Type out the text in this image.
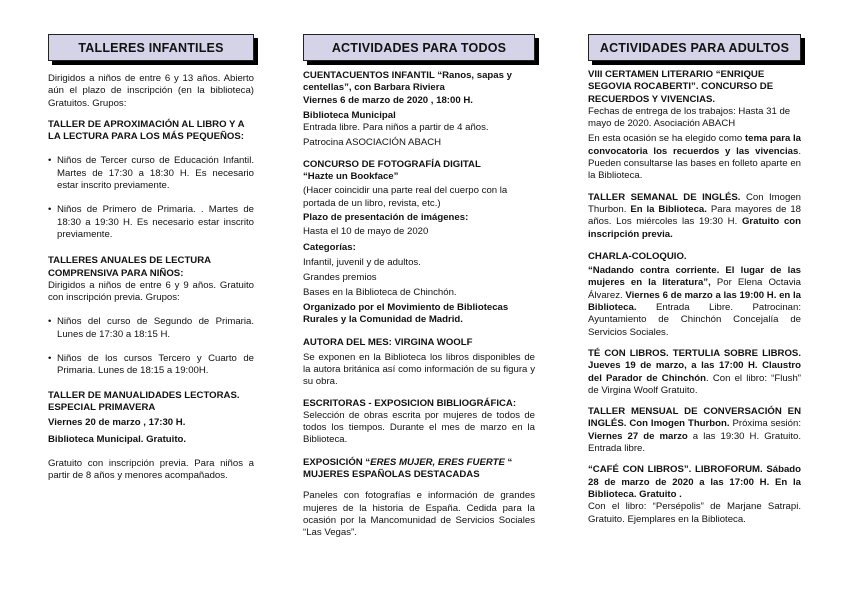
TALLERES INFANTILES

Dirigidos a niños de entre 6 y 13 años. Abierto aún el plazo de inscripción (en la biblioteca) Gratuitos. Grupos:

TALLER DE APROXIMACIÓN AL LIBRO Y A LA LECTURA PARA LOS MÁS PEQUEÑOS:

• Niños de Tercer curso de Educación Infantil. Martes de 17:30 a 18:30 H. Es necesario estar inscrito previamente.

• Niños de Primero de Primaria. . Martes de 18:30 a 19:30 H. Es necesario estar inscrito previamente.

TALLERES ANUALES DE LECTURA COMPRENSIVA PARA NIÑOS:

Dirigidos a niños de entre 6 y 9 años. Gratuito con inscripción previa. Grupos:

• Niños del curso de Segundo de Primaria. Lunes de 17:30 a 18:15 H.

• Niños de los cursos Tercero y Cuarto de Primaria. Lunes de 18:15 a 19:00H.

TALLER DE MANUALIDADES LECTORAS. ESPECIAL PRIMAVERA

Viernes 20 de marzo , 17:30 H.

Biblioteca Municipal. Gratuito.

Gratuito con inscripción previa. Para niños a partir de 8 años y menores acompañados.

ACTIVIDADES PARA TODOS

CUENTACUENTOS INFANTIL “Ranos, sapas y centellas”, con Barbara Riviera

Viernes 6 de marzo de 2020 , 18:00 H.

Biblioteca Municipal

Entrada libre. Para niños a partir de 4 años.

Patrocina ASOCIACIÓN ABACH

CONCURSO DE FOTOGRAFÍA DIGITAL

“Hazte un Bookface”

(Hacer coincidir una parte real del cuerpo con la portada de un libro, revista, etc.)

Plazo de presentación de imágenes:

Hasta el 10 de mayo de 2020

Categorías:

Infantil, juvenil y de adultos.

Grandes premios

Bases en la Biblioteca de Chinchón.

Organizado por el Movimiento de Bibliotecas Rurales y la Comunidad de Madrid.

AUTORA DEL MES: VIRGINA WOOLF

Se exponen en la Biblioteca los libros disponibles de la autora británica así como información de su figura y su obra.

ESCRITORAS - EXPOSICION BIBLIOGRÁFICA:

Selección de obras escrita por mujeres de todos de todos los tiempos. Durante el mes de marzo en la Biblioteca.

EXPOSICIÓN “ERES MUJER, ERES FUERTE “ MUJERES ESPAÑOLAS DESTACADAS

Paneles con fotografías e información de grandes mujeres de la historia de España. Cedida para la ocasión por la Mancomunidad de Servicios Sociales “Las Vegas”.

ACTIVIDADES PARA ADULTOS

VIII CERTAMEN LITERARIO “ENRIQUE SEGOVIA ROCABERTI”. CONCURSO DE RECUERDOS Y VIVENCIAS.

Fechas de entrega de los trabajos: Hasta 31 de mayo de 2020. Asociación ABACH

En esta ocasión se ha elegido como tema para la convocatoria los recuerdos y las vivencias. Pueden consultarse las bases en folleto aparte en la Biblioteca.

TALLER SEMANAL DE INGLÉS. Con Imogen Thurbon. En la Biblioteca. Para mayores de 18 años. Los miércoles las 19:30 H. Gratuito con inscripción previa.

CHARLA-COLOQUIO.

“Nadando contra corriente. El lugar de las mujeres en la literatura”, Por Elena Octavia Álvarez. Viernes 6 de marzo a las 19:00 H. en la Biblioteca. Entrada Libre. Patrocinan: Ayuntamiento de Chinchón Concejalía de Servicios Sociales.

TÉ CON LIBROS. TERTULIA SOBRE LIBROS. Jueves 19 de marzo, a las 17:00 H. Claustro del Parador de Chinchón. Con el libro: “Flush” de Virgina Woolf Gratuito.

TALLER MENSUAL DE CONVERSACIÓN EN INGLÉS. Con Imogen Thurbon. Próxima sesión: Viernes 27 de marzo a las 19:30 H. Gratuito. Entrada libre.

“CAFÉ CON LIBROS”. LIBROFORUM. Sábado 28 de marzo de 2020 a las 17:00 H. En la Biblioteca. Gratuito .

Con el libro: “Persépolis” de Marjane Satrapi. Gratuito. Ejemplares en la Biblioteca.
